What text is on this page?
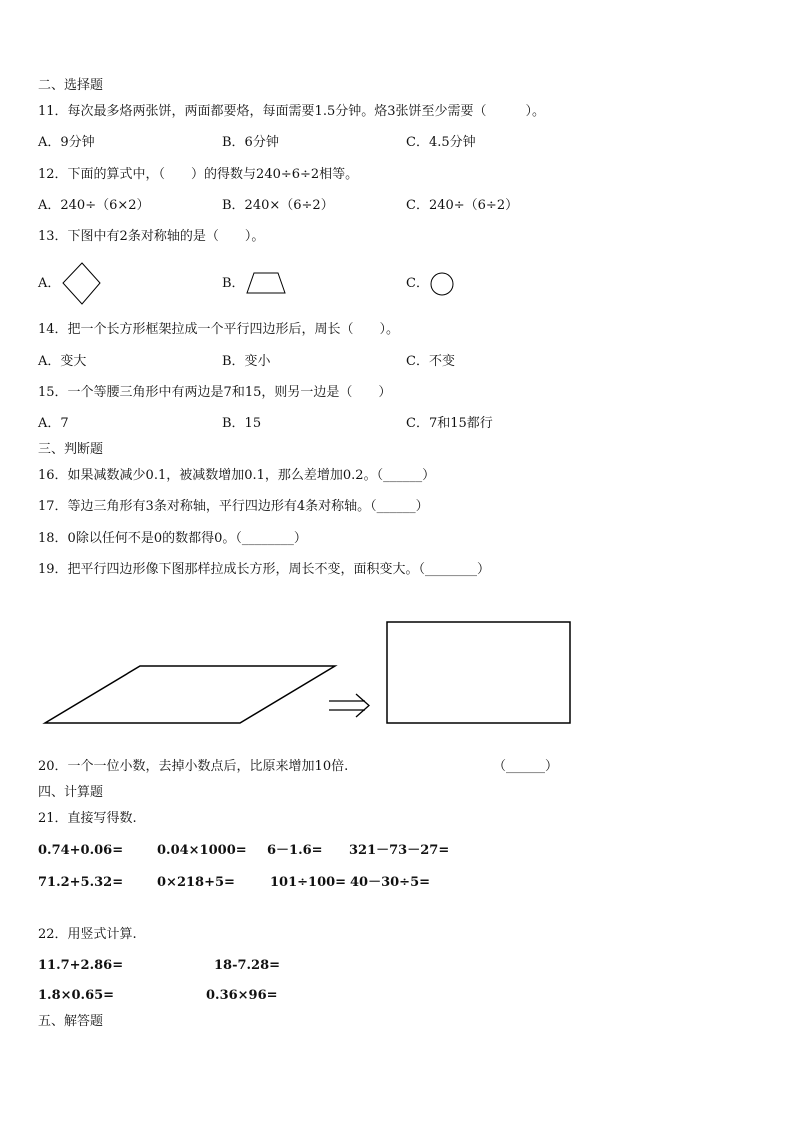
二、选择题
11．每次最多烙两张饼，两面都要烙，每面需要1.5分钟。烙3张饼至少需要（　　　）。
A．9分钟	B．6分钟	C．4.5分钟
12．下面的算式中，（　　）的得数与240÷6÷2相等。
A．240÷（6×2）	B．240×（6÷2）	C．240÷（6÷2）
13．下图中有2条对称轴的是（　　）。
A．	B．	C．
14．把一个长方形框架拉成一个平行四边形后，周长（　　）。
A．变大	B．变小	C．不变
15．一个等腰三角形中有两边是7和15，则另一边是（　　）
A．7	B．15	C．7和15都行
三、判断题
16．如果减数减少0.1，被减数增加0.1，那么差增加0.2。（______）
17．等边三角形有3条对称轴，平行四边形有4条对称轴。（______）
18．0除以任何不是0的数都得0。（________）
19．把平行四边形像下图那样拉成长方形，周长不变，面积变大。（________）
20．一个一位小数，去掉小数点后，比原来增加10倍.	（______）
四、计算题
21．直接写得数.
0.74+0.06=	0.04×1000= 6－1.6= 321－73－27=
71.2+5.32=	0×218+5=	101÷100= 40－30÷5=
22．用竖式计算.
11.7+2.86=	18-7.28=
1.8×0.65=	0.36×96=
五、解答题
